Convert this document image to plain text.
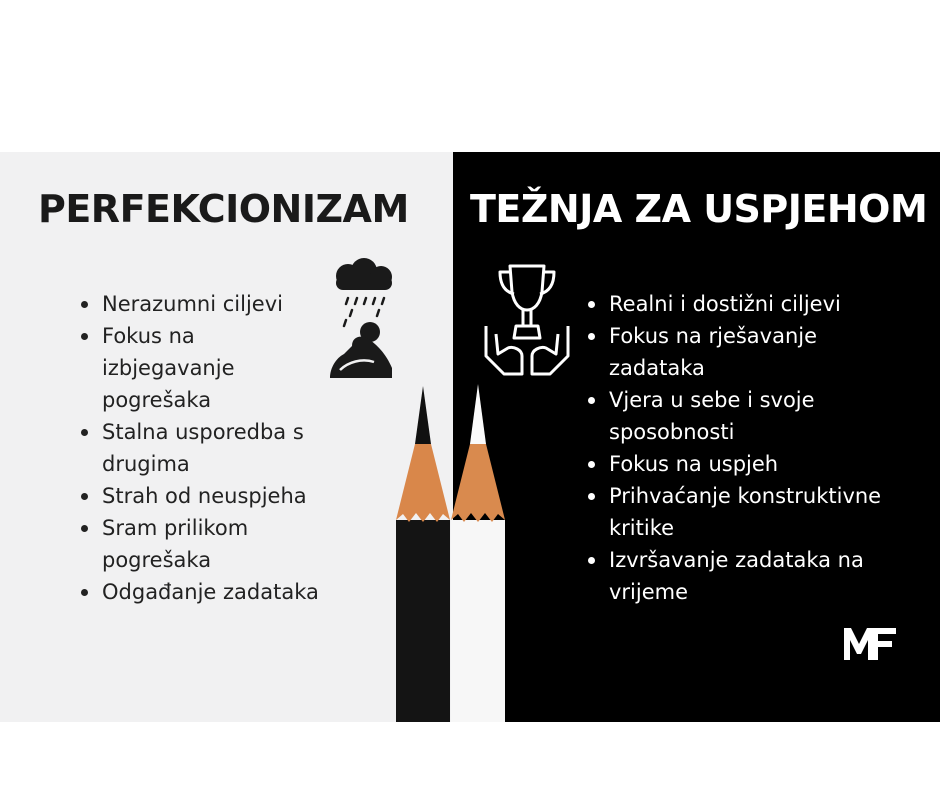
PERFEKCIONIZAM TEŽNJA ZA USPJEHOM
Nerazumni ciljevi
Fokus na izbjegavanje pogrešaka
Stalna usporedba s drugima
Strah od neuspjeha
Sram prilikom pogrešaka
Odgađanje zadataka
Realni i dostižni ciljevi
Fokus na rješavanje zadataka
Vjera u sebe i svoje sposobnosti
Fokus na uspjeh
Prihvaćanje konstruktivne kritike
Izvršavanje zadataka na vrijeme
